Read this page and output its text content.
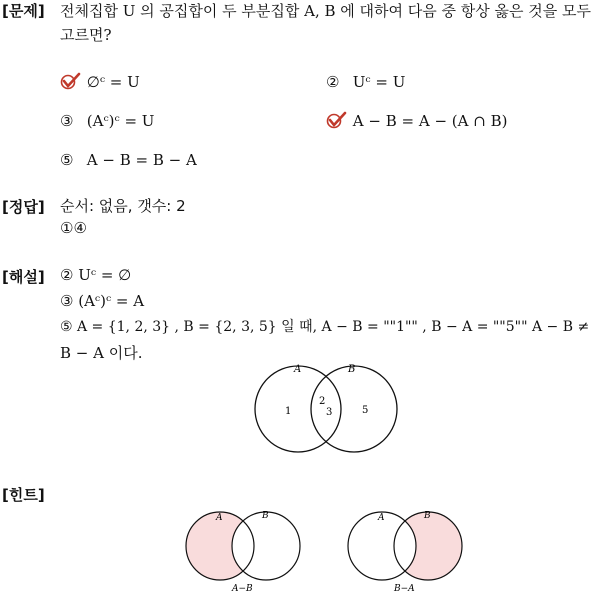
[문제] 전체집합 U 의 공집합이 두 부분집합 A, B 에 대하여 다음 중 항상 옳은 것을 모두
고르면?
∅ᶜ = U	② Uᶜ = U
③ (Aᶜ)ᶜ = U	A − B = A − (A ∩ B)
⑤ A − B = B − A
[정답] 순서: 없음, 갯수: 2
①④
[해설] ② Uᶜ = ∅
③ (Aᶜ)ᶜ = A
⑤ A = {1, 2, 3} , B = {2, 3, 5} 일 때, A − B = ""1"" , B − A = ""5"" A − B ≠
B − A 이다.
A	B
1
2
3	5
[힌트]
A	B
A−B
A	B
B−A
